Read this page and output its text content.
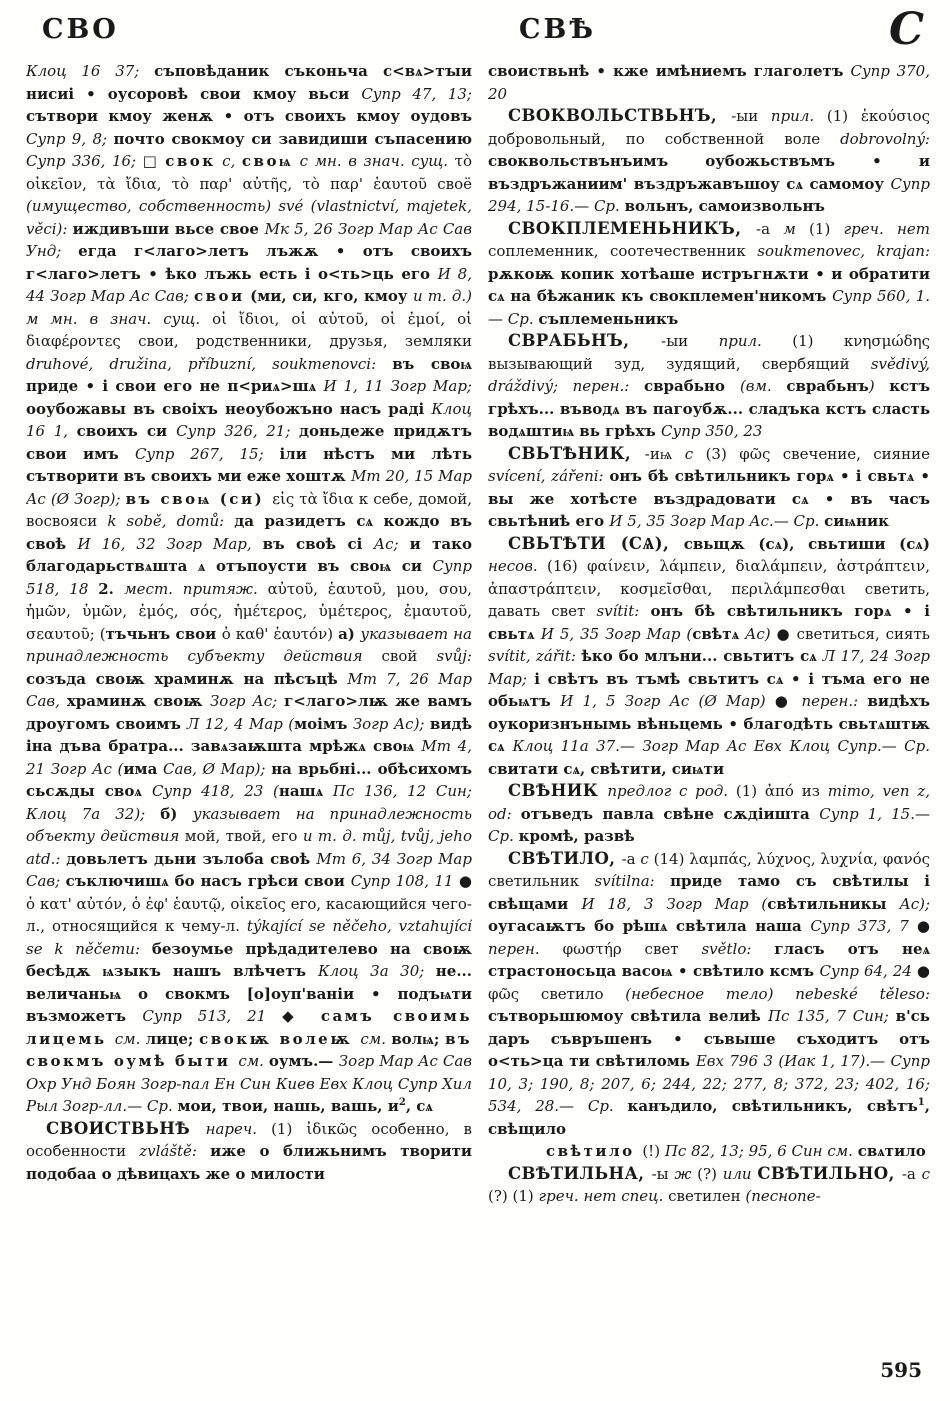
СВО	СВѢ	С

Клоц 16 37; съповѣданик съконьча с<вѧ>тꙑи нисиі • оусоровѣ свои кмоу вьси Супр 47, 13; сътвори кмоу женѫ • отъ своихъ кмоу оудовъ Супр 9, 8; почто свокмоу си завидиши съпасению Супр 336, 16; □ свок с, своѩ с мн. в знач. сущ. τὸ οἰκεῖον, τὰ ἴδια, τὸ παρ' αὐτῆς, τὸ παρ' ἑαυτοῦ своё (имущество, собственность) své (vlastnictví, majetek, věci): иждивъши вьсе свое Мк 5, 26 Зогр Мар Ас Сав Унд; егда г<лаго>летъ лъжѫ • отъ своихъ г<лаго>летъ • ѣко лъжь есть і о<ть>ць его И 8, 44 Зогр Мар Ас Сав; свои (ми, си, кго, кмоу и т. д.) м мн. в знач. сущ. οἱ ἴδιοι, οἱ αὐτοῦ, οἱ ἐμοί, οἱ διαφέροντες свои, родственники, друзья, земляки druhové, družina, příbuzní, soukmenovci: въ своѩ приде • і свои его не п<риѧ>шѧ И 1, 11 Зогр Мар; ооубожавы въ своіхъ неоубожъно насъ раді Клоц 16 1, своихъ си Супр 326, 21; доньдеже придѫтъ свои имъ Супр 267, 15; іли нѣстъ ми лѣть сътворити въ своихъ ми еже хоштѫ Мт 20, 15 Мар Ас (Ø Зогр); въ своѩ (си) εἰς τὰ ἴδια к себе, домой, восвояси k sobě, domů: да разидетъ сѧ кождо въ своѣ И 16, 32 Зогр Мар, въ своѣ сі Ас; и тако благодарьствѧшта ѧ отъпоусти въ своѩ си Супр 518, 18 2. мест. притяж. αὐτοῦ, ἑαυτοῦ, μου, σου, ἡμῶν, ὑμῶν, ἐμός, σός, ἡμέτερος, ὑμέτερος, ἐμαυτοῦ, σεαυτοῦ; (тъчьнъ свои ὁ καθ' ἑαυτόν) а) указывает на принадлежность субъекту действия свой svůj: созъда своѭ храминѫ на пѣсъцѣ Мт 7, 26 Мар Сав, храминѫ своѭ Зогр Ас; г<лаго>лѭ же вамъ дроугомъ своимъ Л 12, 4 Мар (моімъ Зогр Ас); видѣ іна дъва братра... завѧзаѭшта мрѣжѧ своѩ Мт 4, 21 Зогр Ас (има Сав, Ø Мар); на врьбні... обѣсихомъ сьсѫды своѧ Супр 418, 23 (нашѧ Пс 136, 12 Син; Клоц 7а 32); б) указывает на принадлежность объекту действия мой, твой, его и т. д. můj, tvůj, jeho atd.: довьлетъ дьни зълоба своѣ Мт 6, 34 Зогр Мар Сав; съключишѧ бо насъ грѣси свои Супр 108, 11 ● ὁ κατ' αὐτόν, ὁ ἐφ' ἑαυτῷ, οἰκεῖος его, касающийся чего-л., относящийся к чему-л. týkající se něčeho, vztahující se k něčemu: безоумье прѣдадителево на своѭ бесѣдѫ ѩзыкъ нашъ влѣчетъ Клоц 3а 30; не... величаньѩ о свокмъ [о]оуп'ваніи • подъѩти възможетъ Супр 513, 21 ◆ самъ своимь лицемь см. лице; свокѭ волеѭ см. волѩ; въ свокмъ оумѣ быти см. оумъ.— Зогр Мар Ас Сав Охр Унд Боян Зогр-пал Ен Син Киев Евх Клоц Супр Хил Рыл Зогр-лл.— Ср. мои, твои, нашь, вашь, $и^2$, сѧ

СВОИСТВЬНѢ нареч. (1) ἰδικῶς особенно, в особенности zvláště: иже о ближьнимъ творити подобаа о дѣвицахъ же о милости

своиствьнѣ • кже имѣниемъ глаголетъ Супр 370, 20

СВОКВОЛЬСТВЬНЪ, -ыи прил. (1) ἑκούσιος добровольный, по собственной воле dobrovolný: своквольствънъимъ оубожьствъмъ • и въздръжаниим' въздръжавъшоу сѧ самомоу Супр 294, 15-16.— Ср. вольнъ, самоизвольнъ

СВОКПЛЕМЕНЬНИКЪ, -а м (1) греч. нет соплеменник, соотечественник soukmenovec, krajan: рѫкоѭ копик хотѣаше истръгнѫти • и обратити сѧ на бѣжаник къ свокплемен'никомъ Супр 560, 1.— Ср. съплеменьникъ

СВРАБЬНЪ, -ыи прил. (1) κνησμώδης вызывающий зуд, зудящий, свербящий svědivý, dráždivý; перен.: сврабьно (вм. сврабьнъ) кстъ грѣхъ... въводѧ въ пагоубѫ... сладъка кстъ сласть водѧштиѩ вь грѣхъ Супр 350, 23

СВЬТѢНИК, -иѩ с (3) φῶς свечение, сияние svícení, zářeni: онъ бѣ свѣтильникъ горѧ • і свьтѧ • вы же хотѣсте въздрадовати сѧ • въ часъ свьтѣниѣ его И 5, 35 Зогр Мар Ас.— Ср. сиѩник

СВЬТѢТИ (СѦ), свьщѫ (сѧ), свьтиши (сѧ) несов. (16) φαίνειν, λάμπειν, διαλάμπειν, ἀστράπτειν, ἀπαστράπτειν, κοσμεῖσθαι, περιλάμπεσθαι светить, давать свет svítit: онъ бѣ свѣтильникъ горѧ • і свьтѧ И 5, 35 Зогр Мар (свѣтѧ Ас) ● светиться, сиять svítit, zářit: ѣко бо млъни... свьтитъ сѧ Л 17, 24 Зогр Мар; і свѣтъ въ тъмѣ свьтитъ сѧ • і тъма его не обьѩтъ И 1, 5 Зогр Ас (Ø Мар) ● перен.: видѣхъ оукоризнънымь вѣньцемь • благодѣть свьтѧштѭ сѧ Клоц 11а 37.— Зогр Мар Ас Евх Клоц Супр.— Ср. свитати сѧ, свѣтити, сиѩти

СВѢНИК предлог с род. (1) ἀπό из mimo, ven z, od: отъведъ павла свѣне сѫдіишта Супр 1, 15.— Ср. кромѣ, развѣ

СВѢТИЛО, -а с (14) λαμπάς, λύχνος, λυχνία, φανός светильник svítilna: приде тамо съ свѣтилы і свѣщами И 18, 3 Зогр Мар (свѣтильникы Ас); оугасаѭтъ бо рѣшѧ свѣтила наша Супр 373, 7 ● перен. φωστήρ свет světlo: гласъ отъ неѧ страстоносьца васоѩ • свѣтило ксмъ Супр 64, 24 ● φῶς светило (небесное тело) nebeské těleso: сътворьшюмоу свѣтила велиѣ Пс 135, 7 Син; в'сь даръ съвръшенъ • съвыше съходитъ отъ о<ть>ца ти свѣтиломь Евх 796 3 (Иак 1, 17).— Супр 10, 3; 190, 8; 207, 6; 244, 22; 277, 8; 372, 23; 402, 16; 534, 28.— Ср. канъдило, свѣтильникъ, свѣтъ$^1$, свѣщило

свѣтило (!) Пс 82, 13; 95, 6 Син см. свѧтило

СВѢТИЛЬНА, -ы ж (?) или СВѢТИЛЬНО, -а с (?) (1) греч. нет спец. светилен (песнопе-

595
